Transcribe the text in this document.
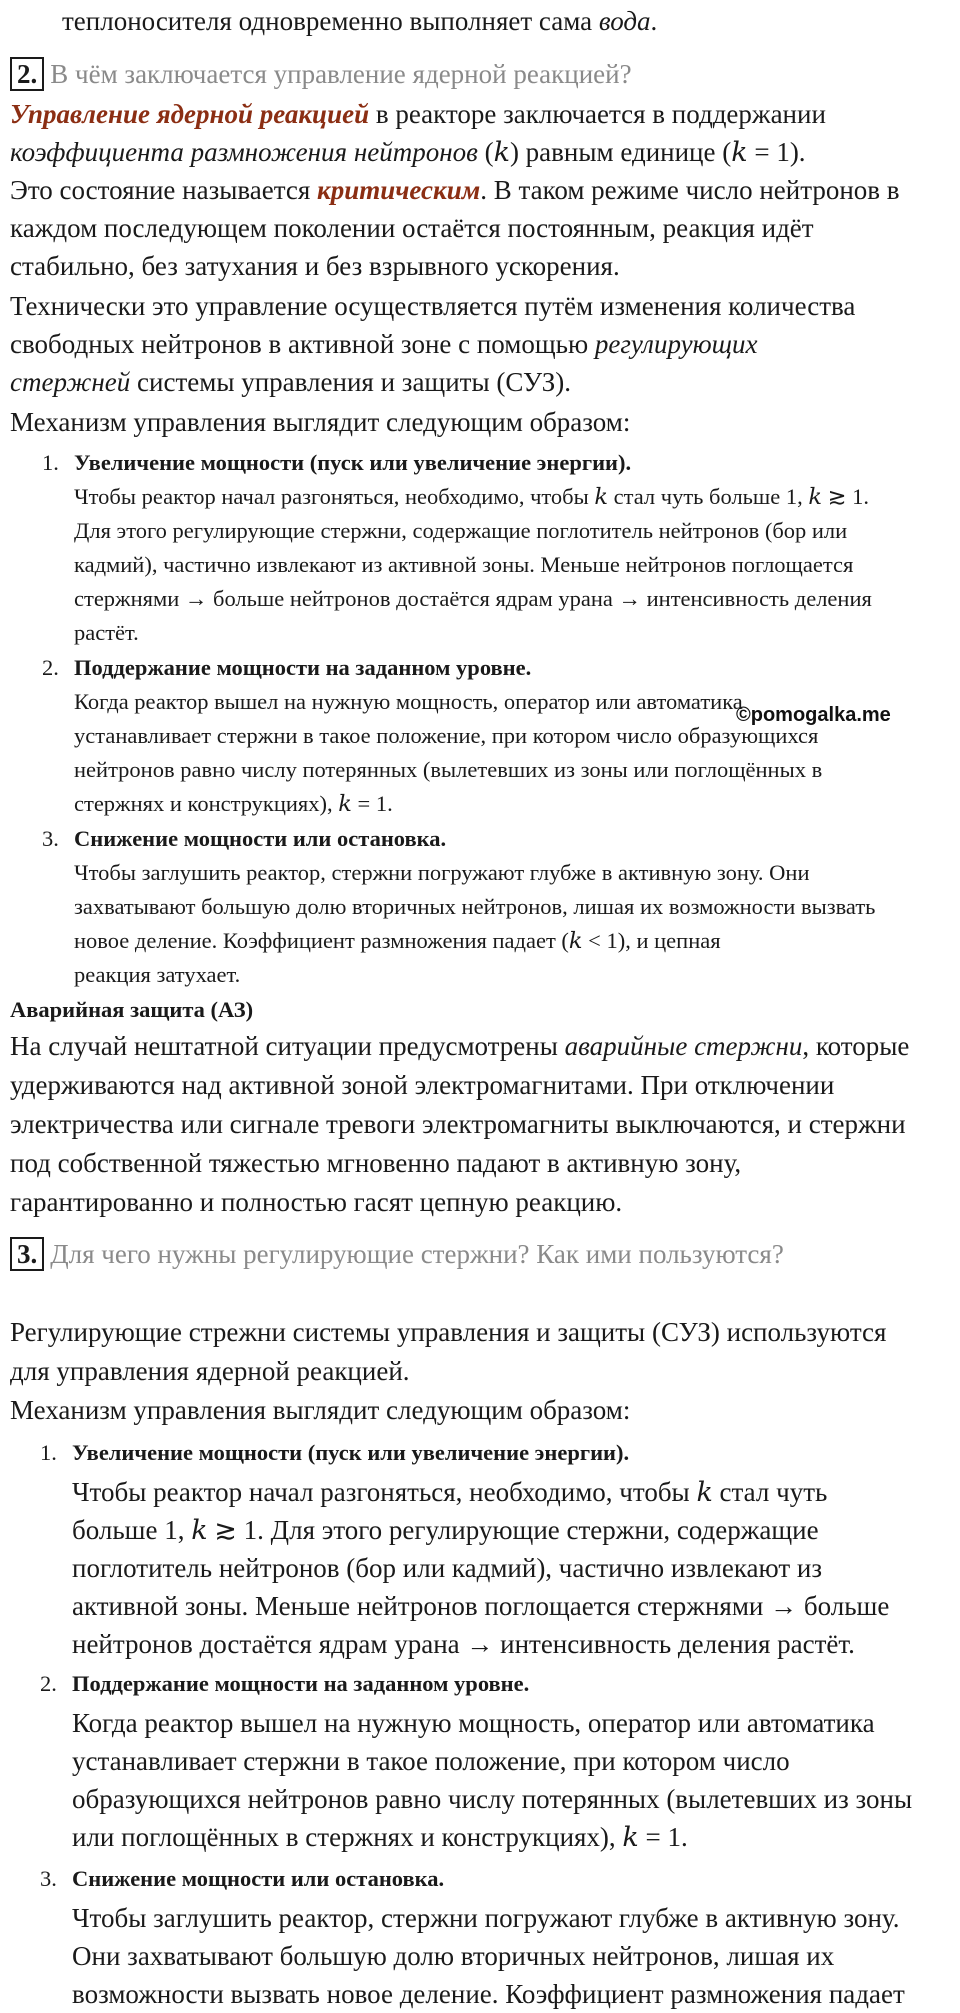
теплоносителя одновременно выполняет сама вода.
2. В чём заключается управление ядерной реакцией?
Управление ядерной реакцией в реакторе заключается в поддержании
коэффициента размножения нейтронов (𝑘) равным единице (𝑘 = 1).
Это состояние называется критическим. В таком режиме число нейтронов в
каждом последующем поколении остаётся постоянным, реакция идёт
стабильно, без затухания и без взрывного ускорения.
Технически это управление осуществляется путём изменения количества
свободных нейтронов в активной зоне с помощью регулирующих
стержней системы управления и защиты (СУЗ).
Механизм управления выглядит следующим образом:
1. Увеличение мощности (пуск или увеличение энергии).
Чтобы реактор начал разгоняться, необходимо, чтобы 𝑘 стал чуть больше 1, 𝑘 ≳ 1.
Для этого регулирующие стержни, содержащие поглотитель нейтронов (бор или
кадмий), частично извлекают из активной зоны. Меньше нейтронов поглощается
стержнями → больше нейтронов достаётся ядрам урана → интенсивность деления
растёт.
2. Поддержание мощности на заданном уровне.
Когда реактор вышел на нужную мощность, оператор или автоматика
устанавливает стержни в такое положение, при котором число образующихся
нейтронов равно числу потерянных (вылетевших из зоны или поглощённых в
стержнях и конструкциях), 𝑘 = 1.
©pomogalka.me
3. Снижение мощности или остановка.
Чтобы заглушить реактор, стержни погружают глубже в активную зону. Они
захватывают большую долю вторичных нейтронов, лишая их возможности вызвать
новое деление. Коэффициент размножения падает (𝑘 < 1), и цепная
реакция затухает.
Аварийная защита (АЗ)
На случай нештатной ситуации предусмотрены аварийные стержни, которые
удерживаются над активной зоной электромагнитами. При отключении
электричества или сигнале тревоги электромагниты выключаются, и стержни
под собственной тяжестью мгновенно падают в активную зону,
гарантированно и полностью гасят цепную реакцию.
3. Для чего нужны регулирующие стержни? Как ими пользуются?
Регулирующие стрежни системы управления и защиты (СУЗ) используются
для управления ядерной реакцией.
Механизм управления выглядит следующим образом:
1. Увеличение мощности (пуск или увеличение энергии).
Чтобы реактор начал разгоняться, необходимо, чтобы 𝑘 стал чуть
больше 1, 𝑘 ≳ 1. Для этого регулирующие стержни, содержащие
поглотитель нейтронов (бор или кадмий), частично извлекают из
активной зоны. Меньше нейтронов поглощается стержнями → больше
нейтронов достаётся ядрам урана → интенсивность деления растёт.
2. Поддержание мощности на заданном уровне.
Когда реактор вышел на нужную мощность, оператор или автоматика
устанавливает стержни в такое положение, при котором число
образующихся нейтронов равно числу потерянных (вылетевших из зоны
или поглощённых в стержнях и конструкциях), 𝑘 = 1.
3. Снижение мощности или остановка.
Чтобы заглушить реактор, стержни погружают глубже в активную зону.
Они захватывают большую долю вторичных нейтронов, лишая их
возможности вызвать новое деление. Коэффициент размножения падает
